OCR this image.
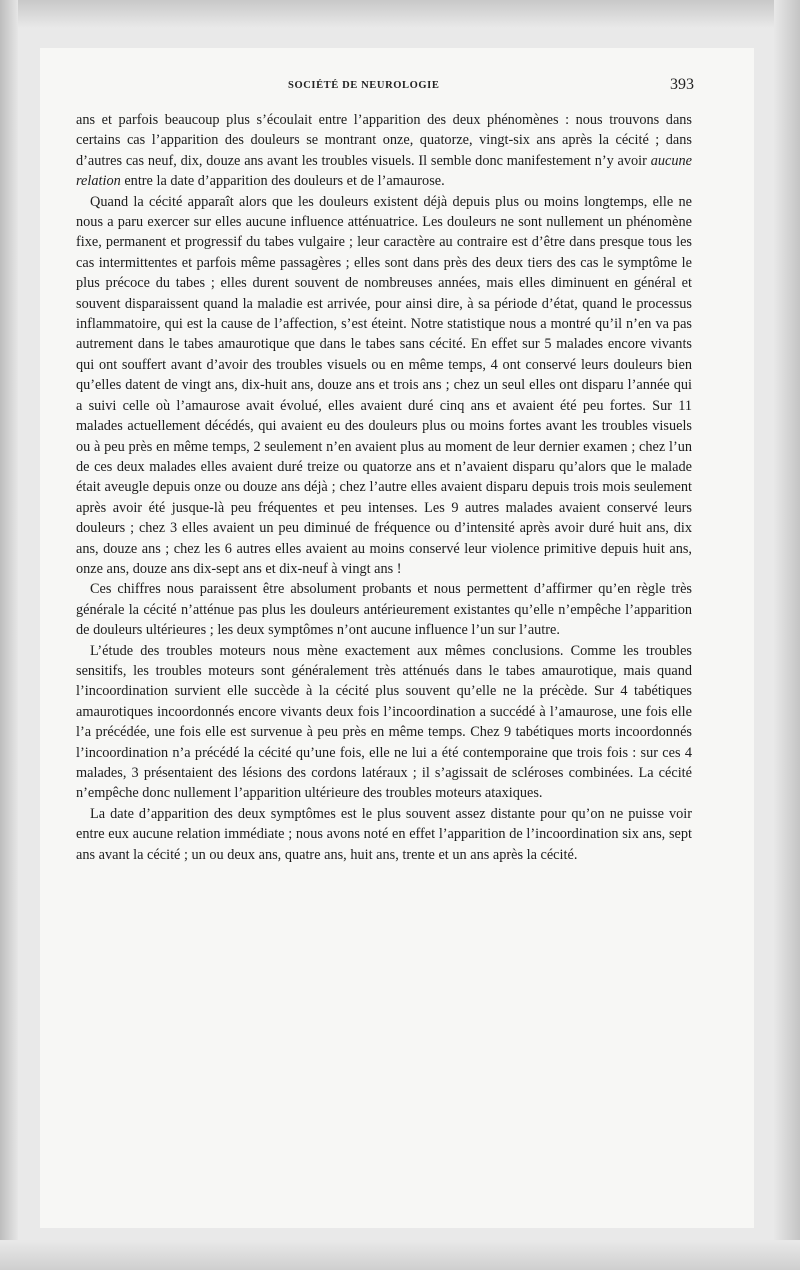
SOCIÉTÉ DE NEUROLOGIE	393

ans et parfois beaucoup plus s’écoulait entre l’apparition des deux phénomènes : nous trouvons dans certains cas l’apparition des douleurs se montrant onze, quatorze, vingt-six ans après la cécité ; dans d’autres cas neuf, dix, douze ans avant les troubles visuels. Il semble donc manifestement n’y avoir aucune relation entre la date d’apparition des douleurs et de l’amaurose.

Quand la cécité apparaît alors que les douleurs existent déjà depuis plus ou moins longtemps, elle ne nous a paru exercer sur elles aucune influence atténuatrice. Les douleurs ne sont nullement un phénomène fixe, permanent et progressif du tabes vulgaire ; leur caractère au contraire est d’être dans presque tous les cas intermittentes et parfois même passagères ; elles sont dans près des deux tiers des cas le symptôme le plus précoce du tabes ; elles durent souvent de nombreuses années, mais elles diminuent en général et souvent disparaissent quand la maladie est arrivée, pour ainsi dire, à sa période d’état, quand le processus inflammatoire, qui est la cause de l’affection, s’est éteint. Notre statistique nous a montré qu’il n’en va pas autrement dans le tabes amaurotique que dans le tabes sans cécité. En effet sur 5 malades encore vivants qui ont souffert avant d’avoir des troubles visuels ou en même temps, 4 ont conservé leurs douleurs bien qu’elles datent de vingt ans, dix-huit ans, douze ans et trois ans ; chez un seul elles ont disparu l’année qui a suivi celle où l’amaurose avait évolué, elles avaient duré cinq ans et avaient été peu fortes. Sur 11 malades actuellement décédés, qui avaient eu des douleurs plus ou moins fortes avant les troubles visuels ou à peu près en même temps, 2 seulement n’en avaient plus au moment de leur dernier examen ; chez l’un de ces deux malades elles avaient duré treize ou quatorze ans et n’avaient disparu qu’alors que le malade était aveugle depuis onze ou douze ans déjà ; chez l’autre elles avaient disparu depuis trois mois seulement après avoir été jusque-là peu fréquentes et peu intenses. Les 9 autres malades avaient conservé leurs douleurs ; chez 3 elles avaient un peu diminué de fréquence ou d’intensité après avoir duré huit ans, dix ans, douze ans ; chez les 6 autres elles avaient au moins conservé leur violence primitive depuis huit ans, onze ans, douze ans dix-sept ans et dix-neuf à vingt ans !

Ces chiffres nous paraissent être absolument probants et nous permettent d’affirmer qu’en règle très générale la cécité n’atténue pas plus les douleurs antérieurement existantes qu’elle n’empêche l’apparition de douleurs ultérieures ; les deux symptômes n’ont aucune influence l’un sur l’autre.

L’étude des troubles moteurs nous mène exactement aux mêmes conclusions. Comme les troubles sensitifs, les troubles moteurs sont généralement très atténués dans le tabes amaurotique, mais quand l’incoordination survient elle succède à la cécité plus souvent qu’elle ne la précède. Sur 4 tabétiques amaurotiques incoordonnés encore vivants deux fois l’incoordination a succédé à l’amaurose, une fois elle l’a précédée, une fois elle est survenue à peu près en même temps. Chez 9 tabétiques morts incoordonnés l’incoordination n’a précédé la cécité qu’une fois, elle ne lui a été contemporaine que trois fois : sur ces 4 malades, 3 présentaient des lésions des cordons latéraux ; il s’agissait de scléroses combinées. La cécité n’empêche donc nullement l’apparition ultérieure des troubles moteurs ataxiques.

La date d’apparition des deux symptômes est le plus souvent assez distante pour qu’on ne puisse voir entre eux aucune relation immédiate ; nous avons noté en effet l’apparition de l’incoordination six ans, sept ans avant la cécité ; un ou deux ans, quatre ans, huit ans, trente et un ans après la cécité.
